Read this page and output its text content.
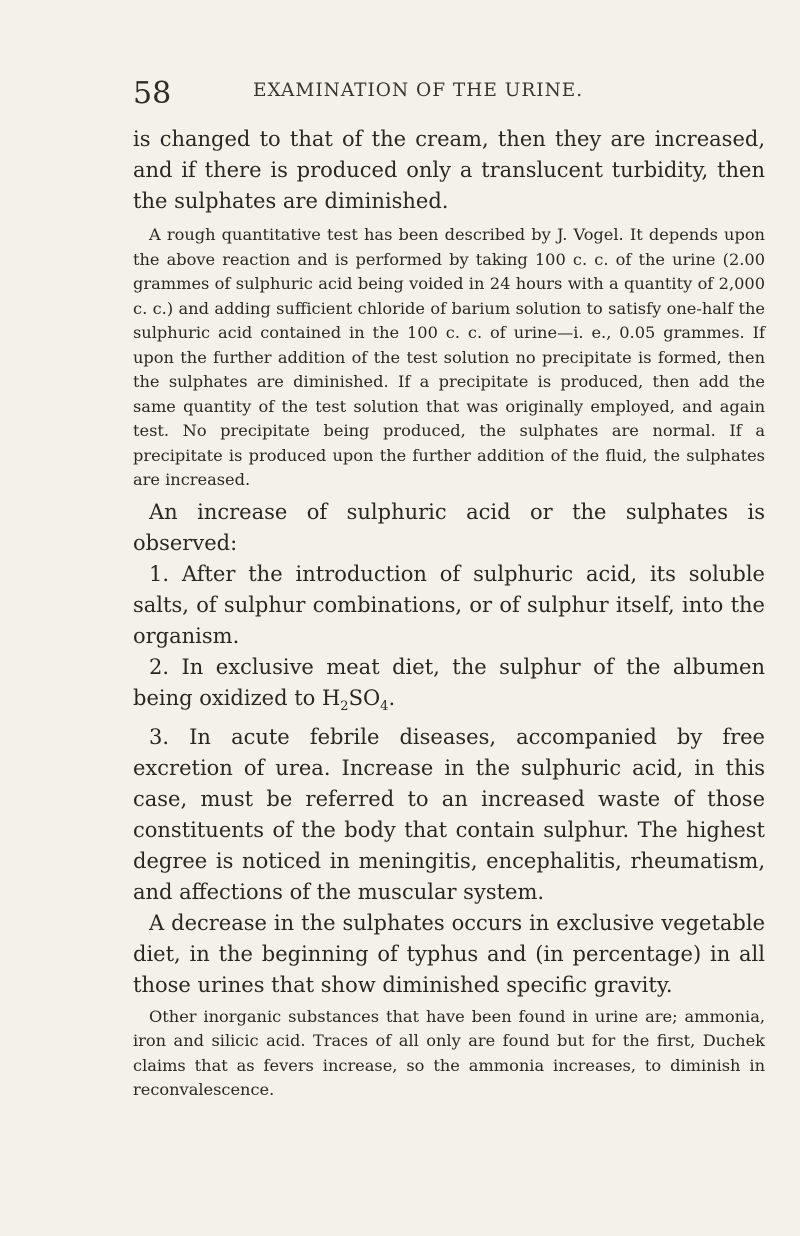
58	EXAMINATION OF THE URINE.

is changed to that of the cream, then they are increased, and if there is produced only a translucent turbidity, then the sulphates are diminished.

A rough quantitative test has been described by J. Vogel. It depends upon the above reaction and is performed by taking 100 c. c. of the urine (2.00 grammes of sulphuric acid being voided in 24 hours with a quantity of 2,000 c. c.) and adding sufficient chloride of barium solution to satisfy one-half the sulphuric acid contained in the 100 c. c. of urine—i. e., 0.05 grammes. If upon the further addition of the test solution no precipitate is formed, then the sulphates are diminished. If a precipitate is produced, then add the same quantity of the test solution that was originally employed, and again test. No precipitate being produced, the sulphates are normal. If a precipitate is produced upon the further addition of the fluid, the sulphates are increased.

An increase of sulphuric acid or the sulphates is observed:

1. After the introduction of sulphuric acid, its soluble salts, of sulphur combinations, or of sulphur itself, into the organism.

2. In exclusive meat diet, the sulphur of the albumen being oxidized to $H_2SO_4$.

3. In acute febrile diseases, accompanied by free excretion of urea. Increase in the sulphuric acid, in this case, must be referred to an increased waste of those constituents of the body that contain sulphur. The highest degree is noticed in meningitis, encephalitis, rheumatism, and affections of the muscular system.

A decrease in the sulphates occurs in exclusive vegetable diet, in the beginning of typhus and (in percentage) in all those urines that show diminished specific gravity.

Other inorganic substances that have been found in urine are; ammonia, iron and silicic acid. Traces of all only are found but for the first, Duchek claims that as fevers increase, so the ammonia increases, to diminish in reconvalescence.
